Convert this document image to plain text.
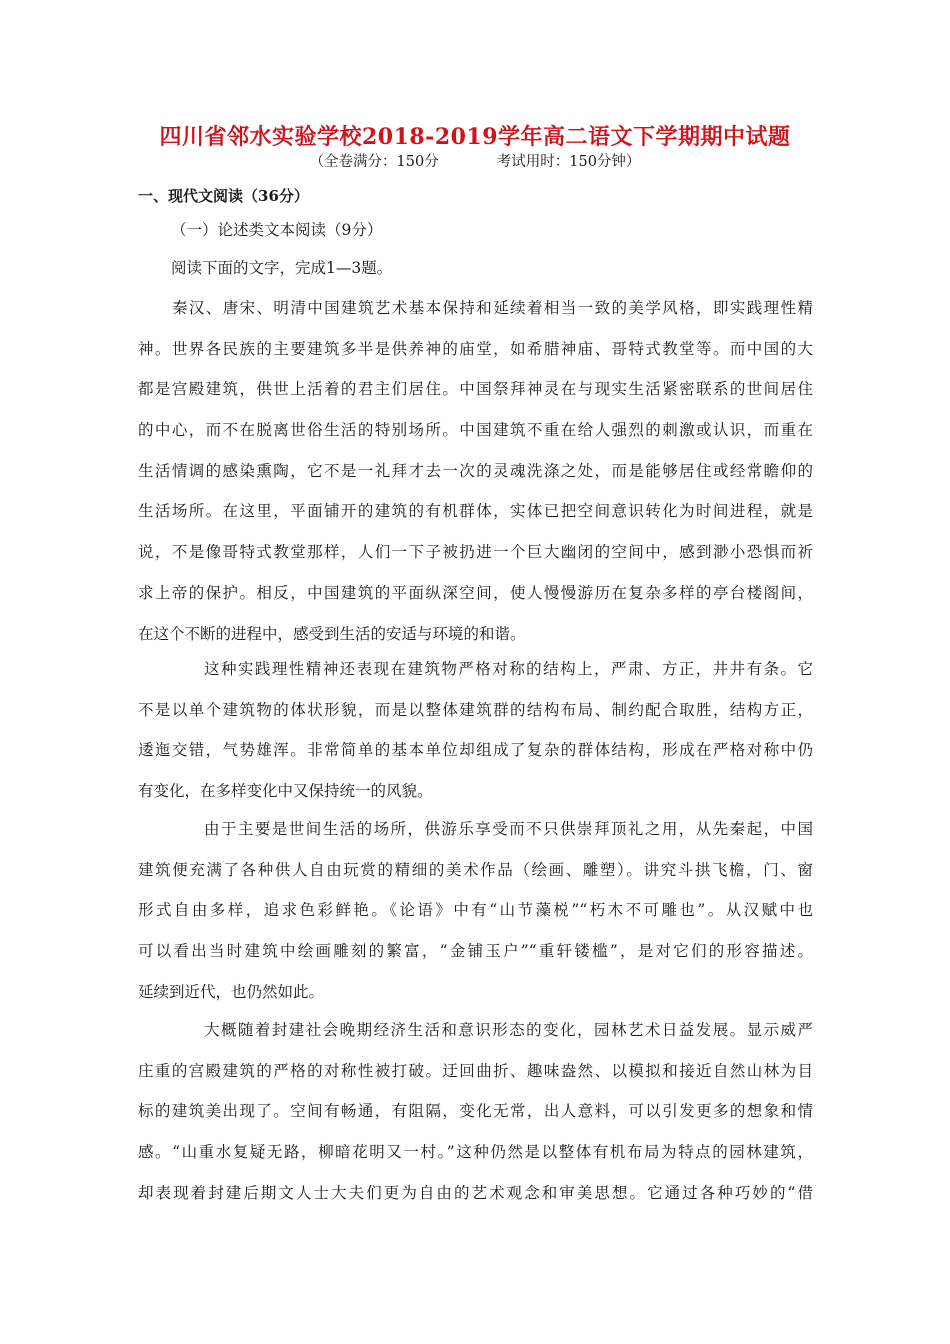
四川省邻水实验学校2018-2019学年高二语文下学期期中试题
（全卷满分：150分	考试用时：150分钟）
一、现代文阅读（36分）
（一）论述类文本阅读（9分）
阅读下面的文字，完成1—3题。
秦汉、唐宋、明清中国建筑艺术基本保持和延续着相当一致的美学风格，即实践理性精
神。世界各民族的主要建筑多半是供养神的庙堂，如希腊神庙、哥特式教堂等。而中国的大
都是宫殿建筑，供世上活着的君主们居住。中国祭拜神灵在与现实生活紧密联系的世间居住
的中心，而不在脱离世俗生活的特别场所。中国建筑不重在给人强烈的刺激或认识，而重在
生活情调的感染熏陶，它不是一礼拜才去一次的灵魂洗涤之处，而是能够居住或经常瞻仰的
生活场所。在这里，平面铺开的建筑的有机群体，实体已把空间意识转化为时间进程，就是
说，不是像哥特式教堂那样，人们一下子被扔进一个巨大幽闭的空间中，感到渺小恐惧而祈
求上帝的保护。相反，中国建筑的平面纵深空间，使人慢慢游历在复杂多样的亭台楼阁间，
在这个不断的进程中，感受到生活的安适与环境的和谐。
这种实践理性精神还表现在建筑物严格对称的结构上，严肃、方正，井井有条。它
不是以单个建筑物的体状形貌，而是以整体建筑群的结构布局、制约配合取胜，结构方正，
逶迤交错，气势雄浑。非常简单的基本单位却组成了复杂的群体结构，形成在严格对称中仍
有变化，在多样变化中又保持统一的风貌。
由于主要是世间生活的场所，供游乐享受而不只供崇拜顶礼之用，从先秦起，中国
建筑便充满了各种供人自由玩赏的精细的美术作品（绘画、雕塑）。讲究斗拱飞檐，门、窗
形式自由多样，追求色彩鲜艳。《论语》中有“山节藻棁”“朽木不可雕也”。从汉赋中也
可以看出当时建筑中绘画雕刻的繁富，“金铺玉户”“重轩镂槛”，是对它们的形容描述。
延续到近代，也仍然如此。
大概随着封建社会晚期经济生活和意识形态的变化，园林艺术日益发展。显示威严
庄重的宫殿建筑的严格的对称性被打破。迂回曲折、趣味盎然、以模拟和接近自然山林为目
标的建筑美出现了。空间有畅通，有阻隔，变化无常，出人意料，可以引发更多的想象和情
感。“山重水复疑无路，柳暗花明又一村。”这种仍然是以整体有机布局为特点的园林建筑，
却表现着封建后期文人士大夫们更为自由的艺术观念和审美思想。它通过各种巧妙的“借
